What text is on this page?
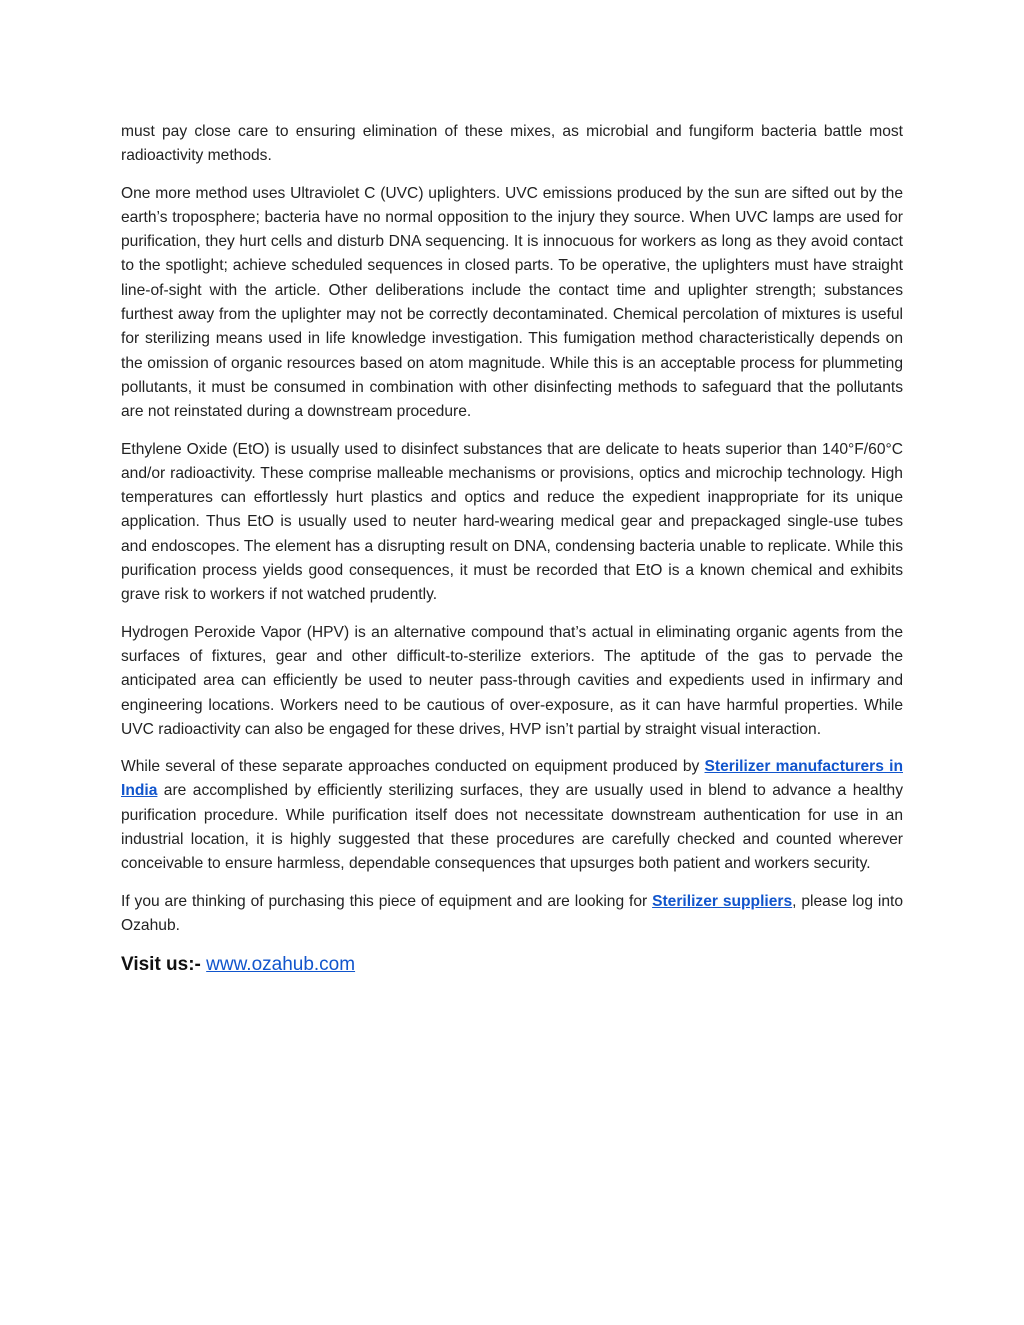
must pay close care to ensuring elimination of these mixes, as microbial and fungiform bacteria battle most radioactivity methods.

One more method uses Ultraviolet C (UVC) uplighters. UVC emissions produced by the sun are sifted out by the earth’s troposphere; bacteria have no normal opposition to the injury they source. When UVC lamps are used for purification, they hurt cells and disturb DNA sequencing. It is innocuous for workers as long as they avoid contact to the spotlight; achieve scheduled sequences in closed parts. To be operative, the uplighters must have straight line-of-sight with the article. Other deliberations include the contact time and uplighter strength; substances furthest away from the uplighter may not be correctly decontaminated. Chemical percolation of mixtures is useful for sterilizing means used in life knowledge investigation. This fumigation method characteristically depends on the omission of organic resources based on atom magnitude. While this is an acceptable process for plummeting pollutants, it must be consumed in combination with other disinfecting methods to safeguard that the pollutants are not reinstated during a downstream procedure.

Ethylene Oxide (EtO) is usually used to disinfect substances that are delicate to heats superior than 140°F/60°C and/or radioactivity. These comprise malleable mechanisms or provisions, optics and microchip technology. High temperatures can effortlessly hurt plastics and optics and reduce the expedient inappropriate for its unique application. Thus EtO is usually used to neuter hard-wearing medical gear and prepackaged single-use tubes and endoscopes. The element has a disrupting result on DNA, condensing bacteria unable to replicate. While this purification process yields good consequences, it must be recorded that EtO is a known chemical and exhibits grave risk to workers if not watched prudently.

Hydrogen Peroxide Vapor (HPV) is an alternative compound that’s actual in eliminating organic agents from the surfaces of fixtures, gear and other difficult-to-sterilize exteriors. The aptitude of the gas to pervade the anticipated area can efficiently be used to neuter pass-through cavities and expedients used in infirmary and engineering locations. Workers need to be cautious of over-exposure, as it can have harmful properties. While UVC radioactivity can also be engaged for these drives, HVP isn’t partial by straight visual interaction.

While several of these separate approaches conducted on equipment produced by Sterilizer manufacturers in India are accomplished by efficiently sterilizing surfaces, they are usually used in blend to advance a healthy purification procedure. While purification itself does not necessitate downstream authentication for use in an industrial location, it is highly suggested that these procedures are carefully checked and counted wherever conceivable to ensure harmless, dependable consequences that upsurges both patient and workers security.

If you are thinking of purchasing this piece of equipment and are looking for Sterilizer suppliers, please log into Ozahub.

Visit us:- www.ozahub.com
